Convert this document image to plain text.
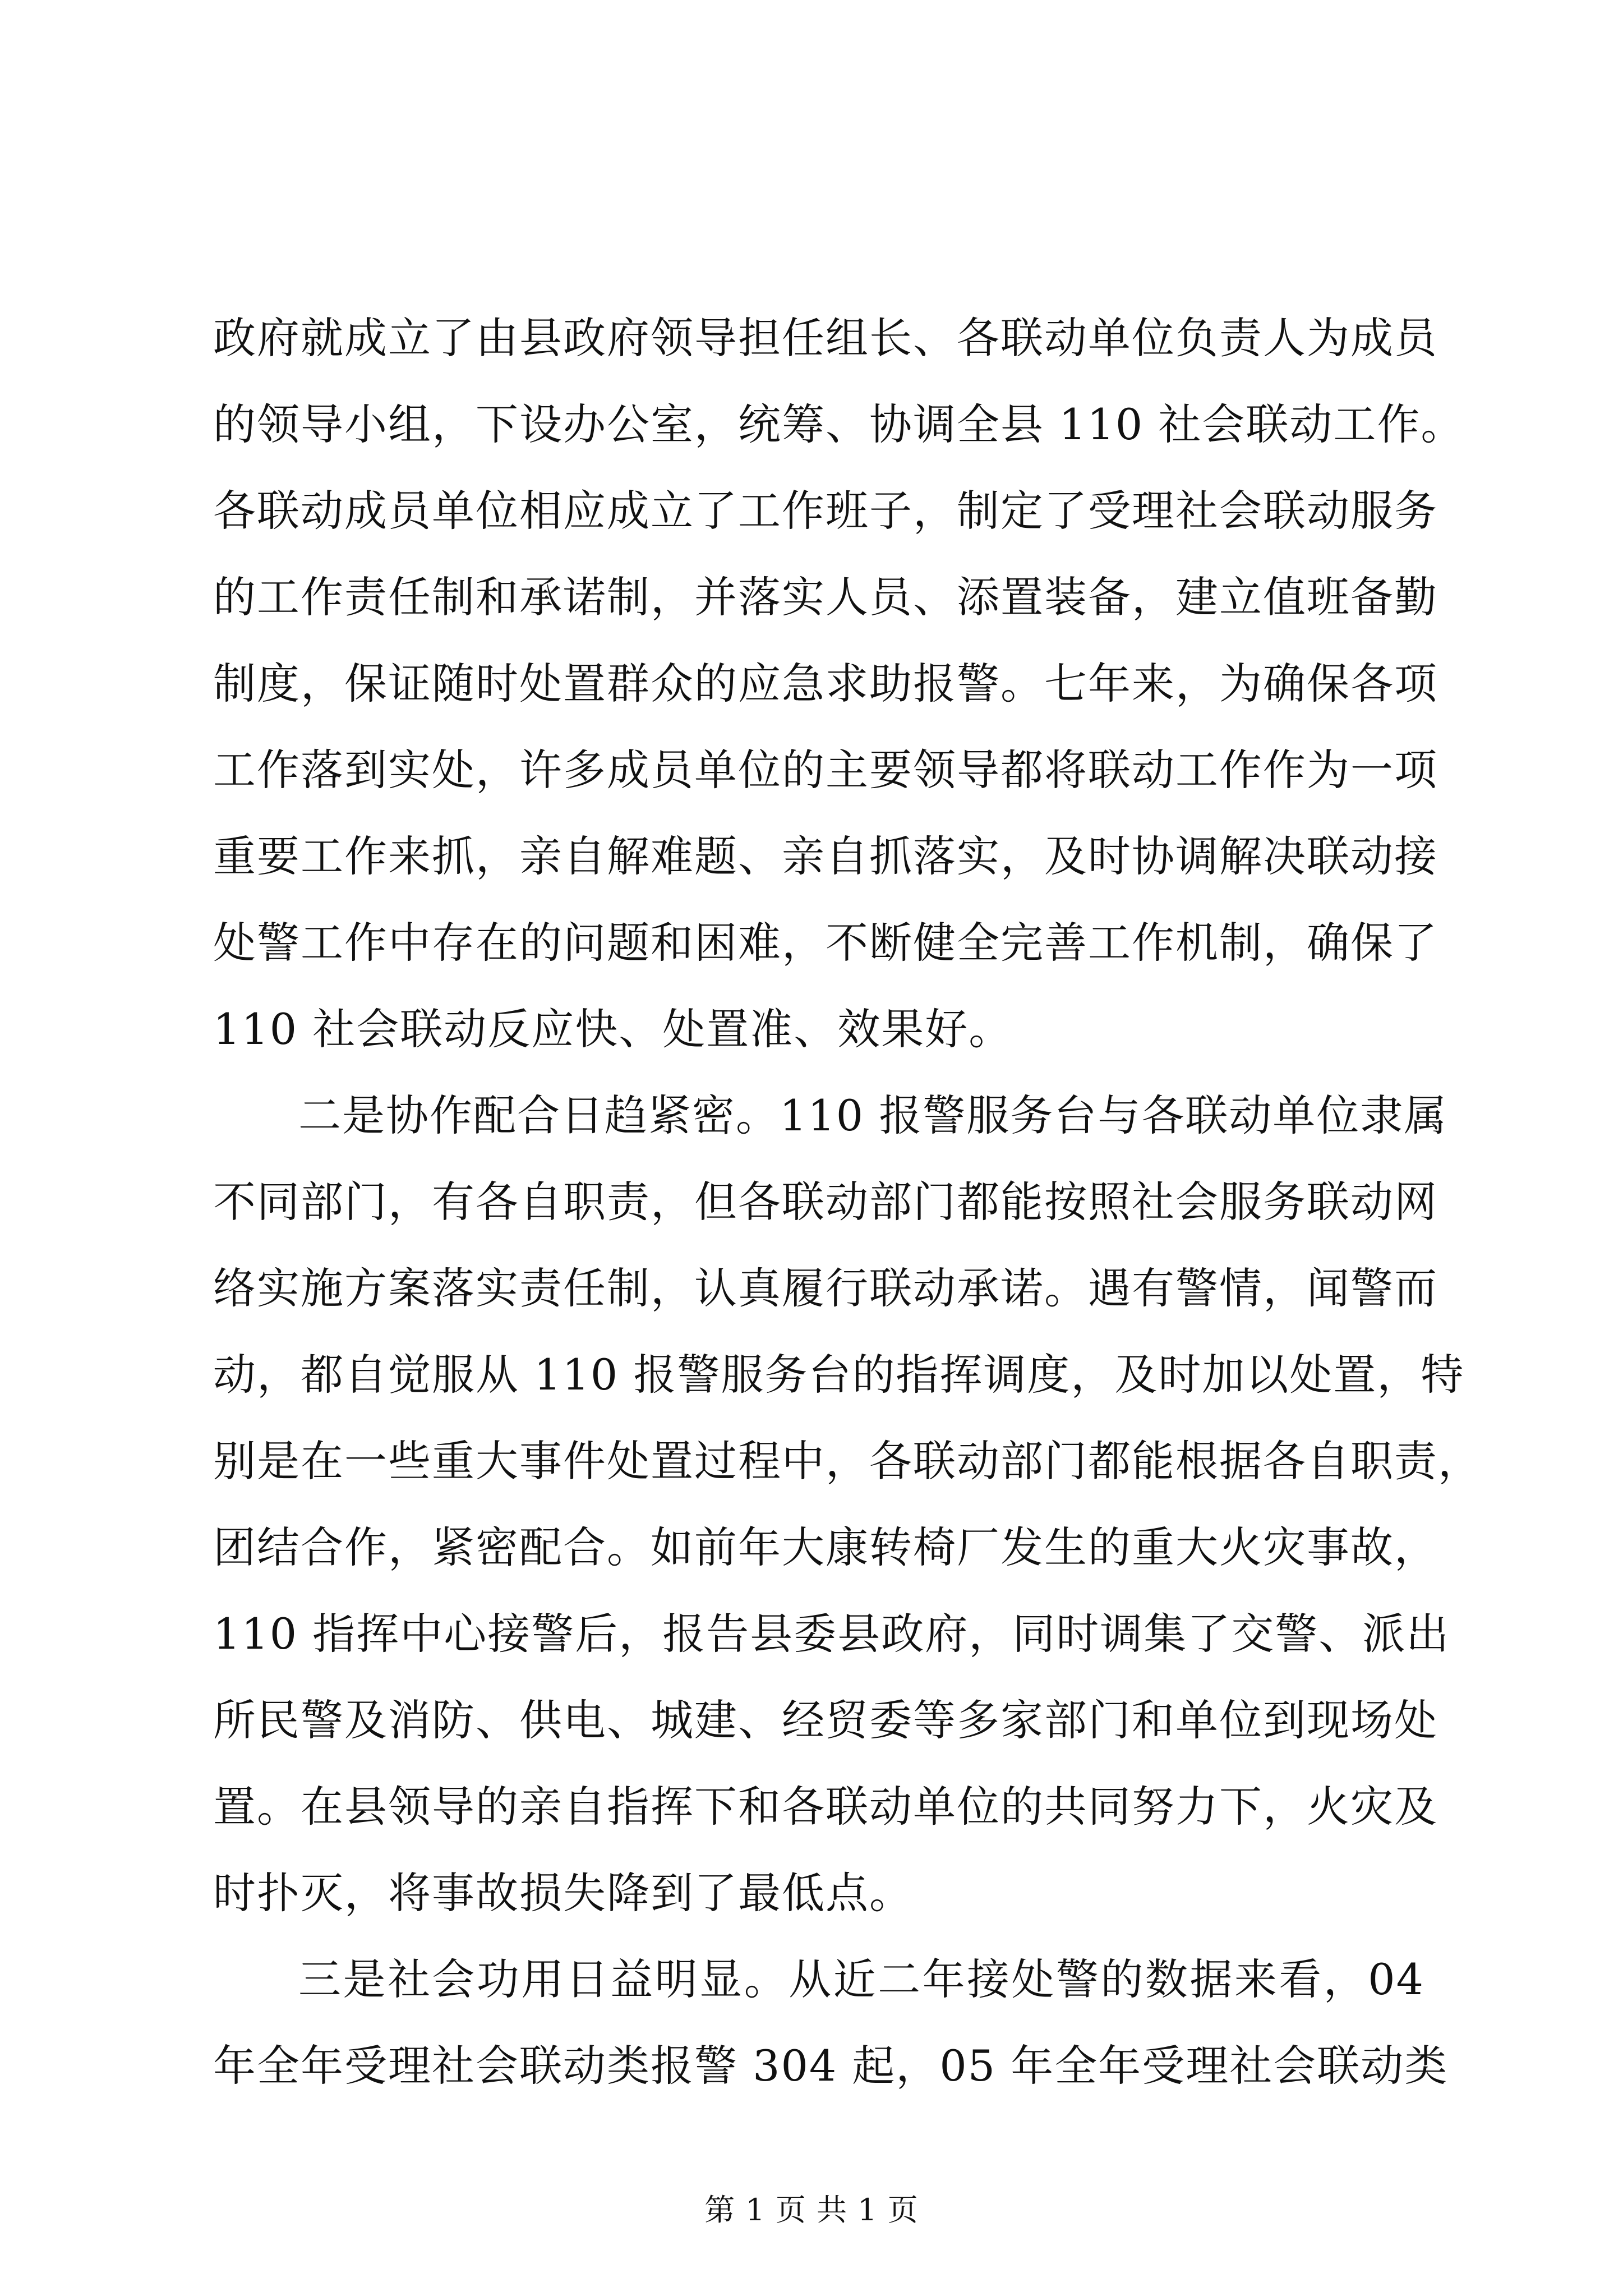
政府就成立了由县政府领导担任组长、各联动单位负责人为成员
的领导小组，下设办公室，统筹、协调全县 110 社会联动工作。
各联动成员单位相应成立了工作班子，制定了受理社会联动服务
的工作责任制和承诺制，并落实人员、添置装备，建立值班备勤
制度，保证随时处置群众的应急求助报警。七年来，为确保各项
工作落到实处，许多成员单位的主要领导都将联动工作作为一项
重要工作来抓，亲自解难题、亲自抓落实，及时协调解决联动接
处警工作中存在的问题和困难，不断健全完善工作机制，确保了
110 社会联动反应快、处置准、效果好。
二是协作配合日趋紧密。110 报警服务台与各联动单位隶属
不同部门，有各自职责，但各联动部门都能按照社会服务联动网
络实施方案落实责任制，认真履行联动承诺。遇有警情，闻警而
动，都自觉服从 110 报警服务台的指挥调度，及时加以处置，特
别是在一些重大事件处置过程中，各联动部门都能根据各自职责，
团结合作，紧密配合。如前年大康转椅厂发生的重大火灾事故，
110 指挥中心接警后，报告县委县政府，同时调集了交警、派出
所民警及消防、供电、城建、经贸委等多家部门和单位到现场处
置。在县领导的亲自指挥下和各联动单位的共同努力下，火灾及
时扑灭，将事故损失降到了最低点。
三是社会功用日益明显。从近二年接处警的数据来看，04
年全年受理社会联动类报警 304 起，05 年全年受理社会联动类
第 1 页 共 1 页
